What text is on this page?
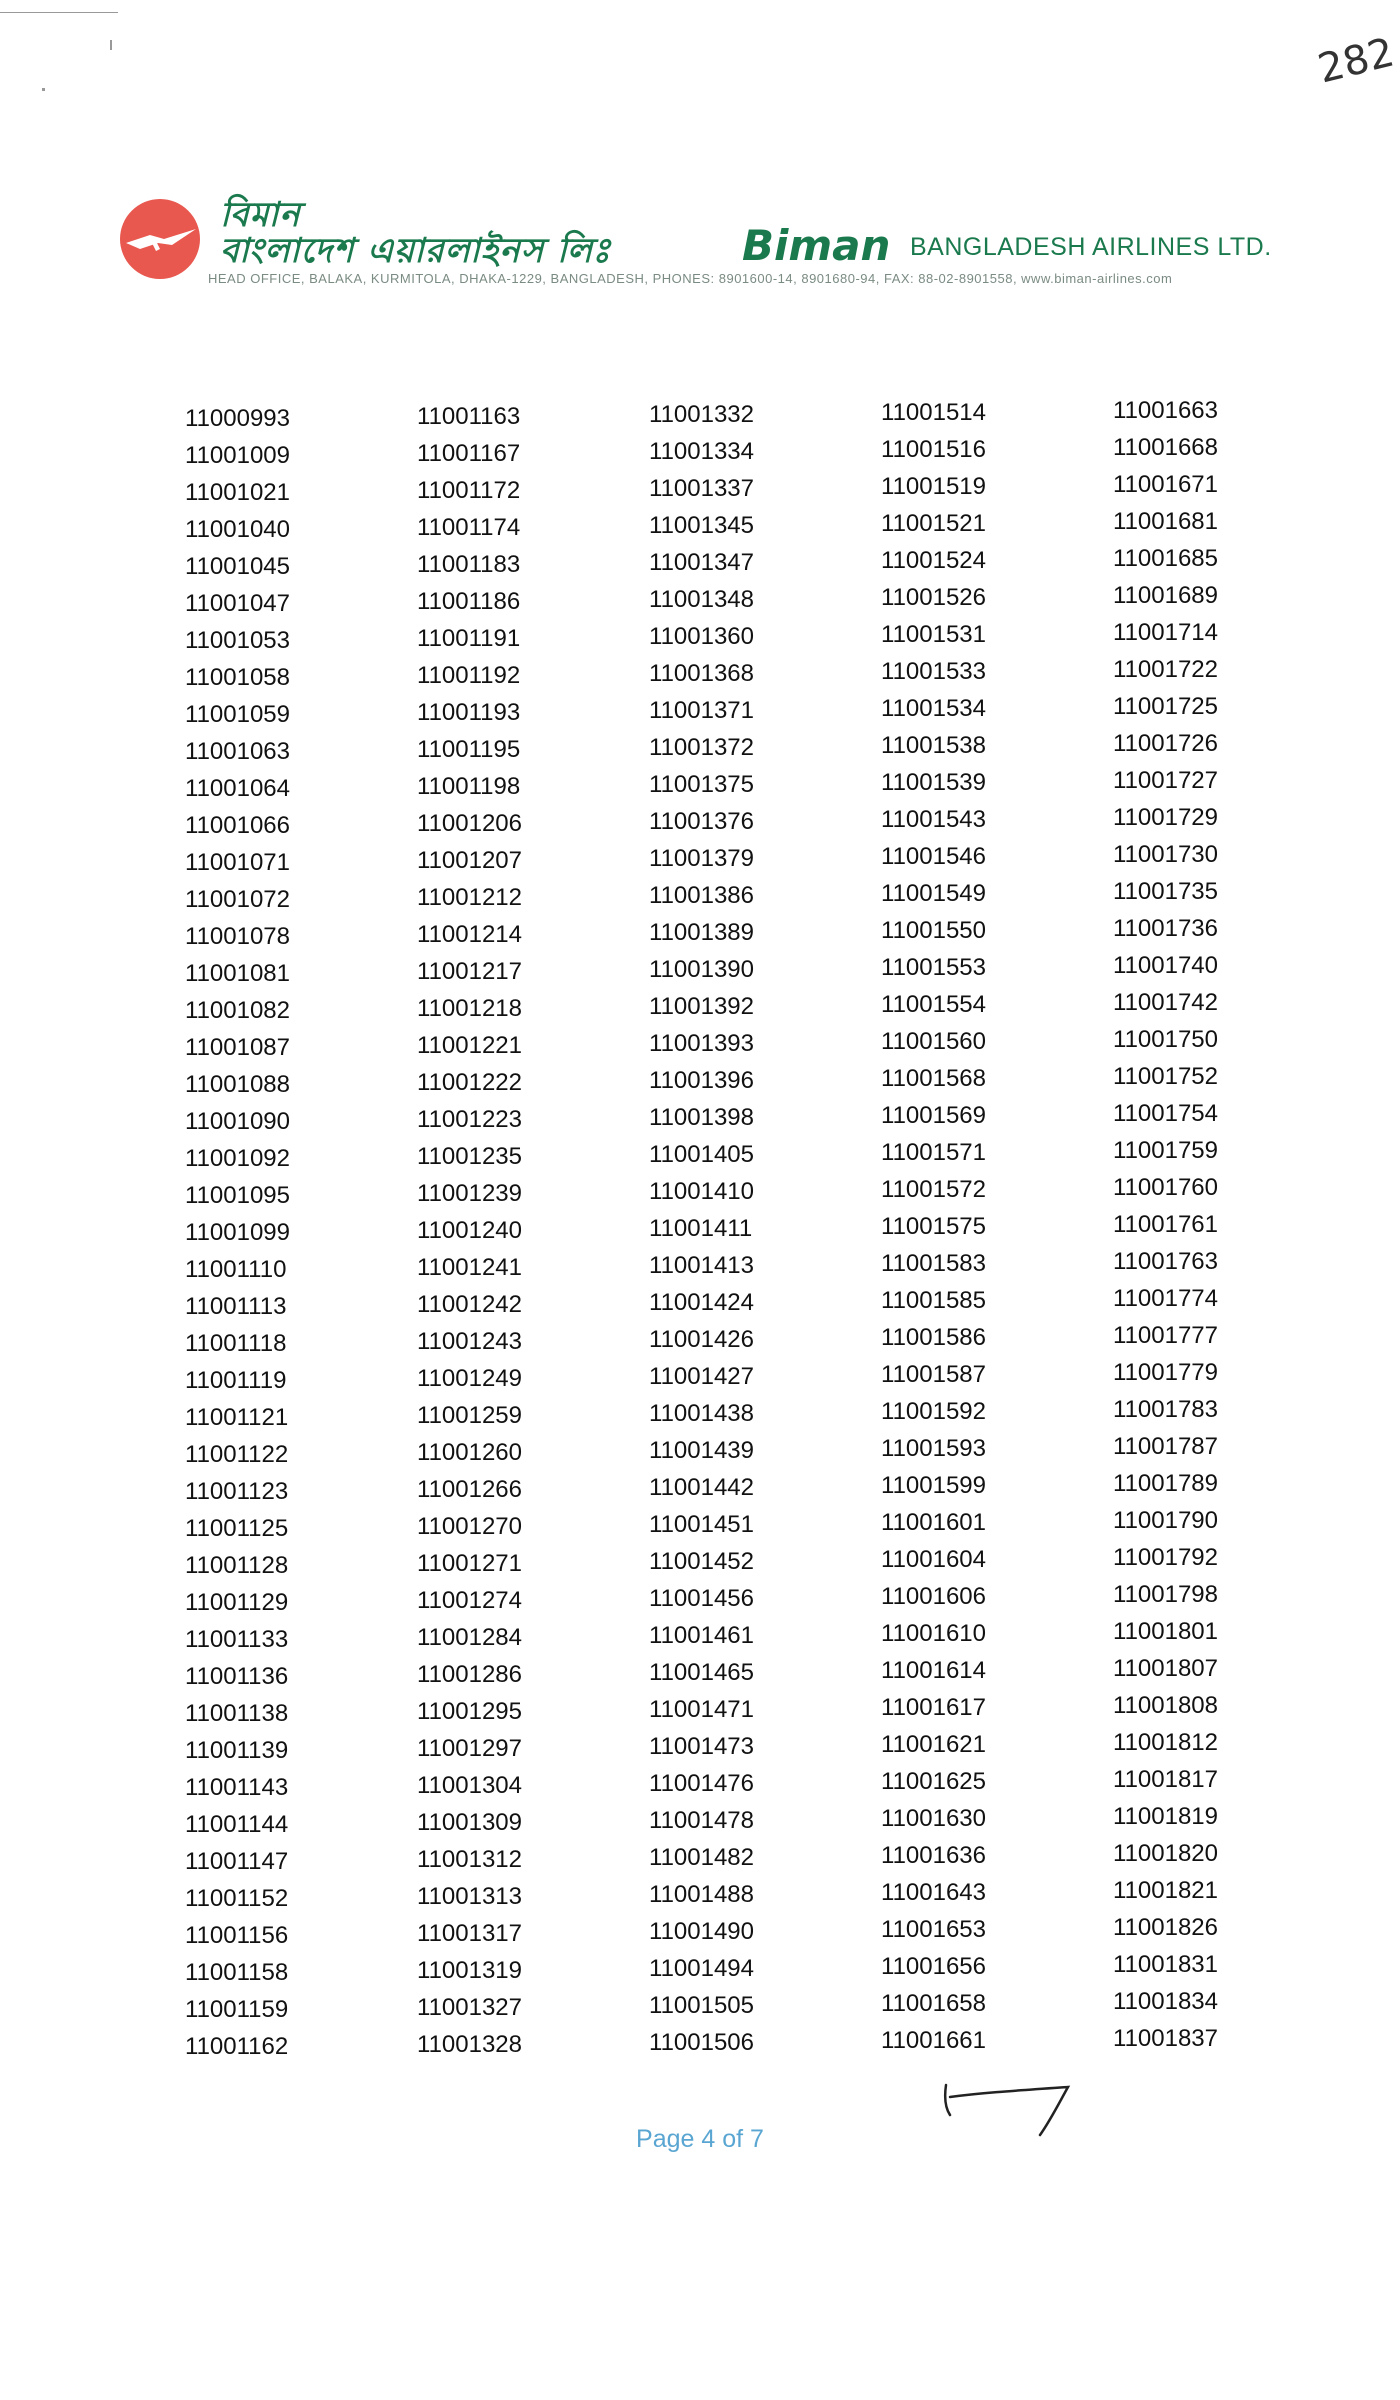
282
বিমান
বাংলাদেশ এয়ারলাইনস লিঃ	Biman BANGLADESH AIRLINES LTD.
HEAD OFFICE, BALAKA, KURMITOLA, DHAKA-1229, BANGLADESH, PHONES: 8901600-14, 8901680-94, FAX: 88-02-8901558, www.biman-airlines.com
11000993
11001009
11001021
11001040
11001045
11001047
11001053
11001058
11001059
11001063
11001064
11001066
11001071
11001072
11001078
11001081
11001082
11001087
11001088
11001090
11001092
11001095
11001099
11001110
11001113
11001118
11001119
11001121
11001122
11001123
11001125
11001128
11001129
11001133
11001136
11001138
11001139
11001143
11001144
11001147
11001152
11001156
11001158
11001159
11001162
11001163
11001167
11001172
11001174
11001183
11001186
11001191
11001192
11001193
11001195
11001198
11001206
11001207
11001212
11001214
11001217
11001218
11001221
11001222
11001223
11001235
11001239
11001240
11001241
11001242
11001243
11001249
11001259
11001260
11001266
11001270
11001271
11001274
11001284
11001286
11001295
11001297
11001304
11001309
11001312
11001313
11001317
11001319
11001327
11001328
11001332
11001334
11001337
11001345
11001347
11001348
11001360
11001368
11001371
11001372
11001375
11001376
11001379
11001386
11001389
11001390
11001392
11001393
11001396
11001398
11001405
11001410
11001411
11001413
11001424
11001426
11001427
11001438
11001439
11001442
11001451
11001452
11001456
11001461
11001465
11001471
11001473
11001476
11001478
11001482
11001488
11001490
11001494
11001505
11001506
11001514
11001516
11001519
11001521
11001524
11001526
11001531
11001533
11001534
11001538
11001539
11001543
11001546
11001549
11001550
11001553
11001554
11001560
11001568
11001569
11001571
11001572
11001575
11001583
11001585
11001586
11001587
11001592
11001593
11001599
11001601
11001604
11001606
11001610
11001614
11001617
11001621
11001625
11001630
11001636
11001643
11001653
11001656
11001658
11001661
11001663
11001668
11001671
11001681
11001685
11001689
11001714
11001722
11001725
11001726
11001727
11001729
11001730
11001735
11001736
11001740
11001742
11001750
11001752
11001754
11001759
11001760
11001761
11001763
11001774
11001777
11001779
11001783
11001787
11001789
11001790
11001792
11001798
11001801
11001807
11001808
11001812
11001817
11001819
11001820
11001821
11001826
11001831
11001834
11001837
Page 4 of 7
